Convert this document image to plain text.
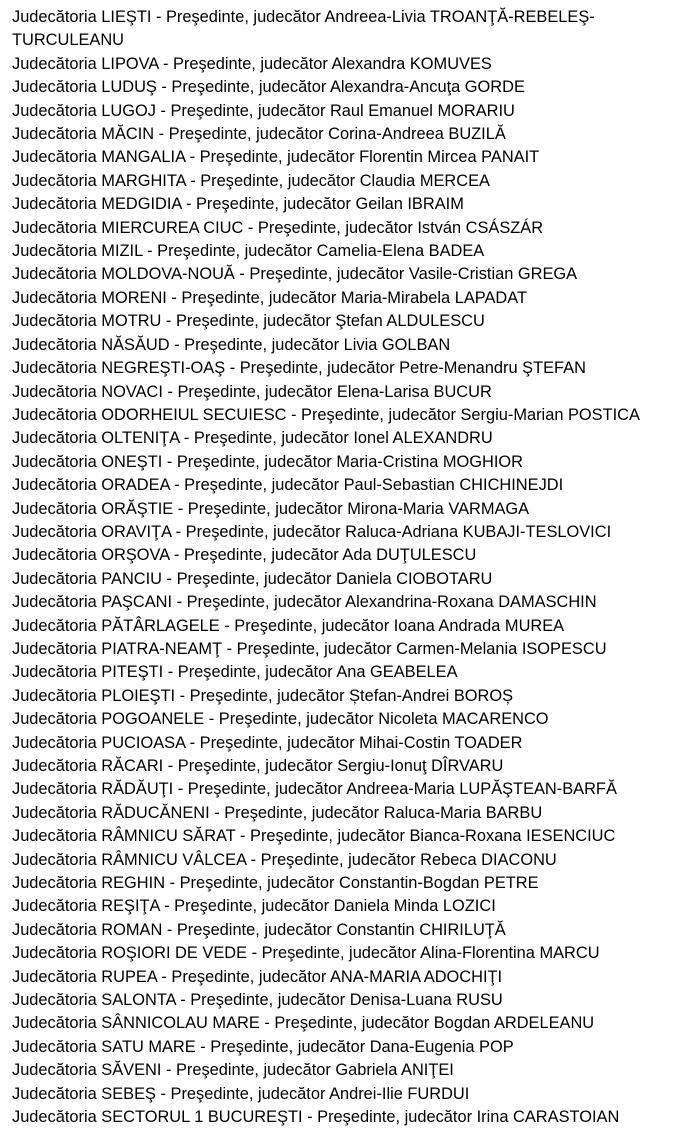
Judecătoria LIEŞTI - Preşedinte, judecător Andreea-Livia TROANŢĂ-REBELEŞ-TURCULEANU
Judecătoria LIPOVA - Preşedinte, judecător Alexandra KOMUVES
Judecătoria LUDUŞ - Preşedinte, judecător Alexandra-Ancuţa GORDE
Judecătoria LUGOJ - Preşedinte, judecător Raul Emanuel MORARIU
Judecătoria MĂCIN - Preşedinte, judecător Corina-Andreea BUZILĂ
Judecătoria MANGALIA - Preşedinte, judecător Florentin Mircea PANAIT
Judecătoria MARGHITA - Preşedinte, judecător Claudia MERCEA
Judecătoria MEDGIDIA - Preşedinte, judecător Geilan IBRAIM
Judecătoria MIERCUREA CIUC - Preşedinte, judecător István CSÁSZÁR
Judecătoria MIZIL - Preşedinte, judecător Camelia-Elena BADEA
Judecătoria MOLDOVA-NOUĂ - Preşedinte, judecător Vasile-Cristian GREGA
Judecătoria MORENI - Preşedinte, judecător Maria-Mirabela LAPADAT
Judecătoria MOTRU - Preşedinte, judecător Ştefan ALDULESCU
Judecătoria NĂSĂUD - Preşedinte, judecător Livia GOLBAN
Judecătoria NEGREŞTI-OAŞ - Preşedinte, judecător Petre-Menandru ŞTEFAN
Judecătoria NOVACI - Preşedinte, judecător Elena-Larisa BUCUR
Judecătoria ODORHEIUL SECUIESC - Preşedinte, judecător Sergiu-Marian POSTICA
Judecătoria OLTENIŢA - Preşedinte, judecător Ionel ALEXANDRU
Judecătoria ONEŞTI - Preşedinte, judecător Maria-Cristina MOGHIOR
Judecătoria ORADEA - Preşedinte, judecător Paul-Sebastian CHICHINEJDI
Judecătoria ORĂŞTIE - Preşedinte, judecător Mirona-Maria VARMAGA
Judecătoria ORAVIŢA - Preşedinte, judecător Raluca-Adriana KUBAJI-TESLOVICI
Judecătoria ORŞOVA - Preşedinte, judecător Ada DUŢULESCU
Judecătoria PANCIU - Preşedinte, judecător Daniela CIOBOTARU
Judecătoria PAŞCANI - Preşedinte, judecător Alexandrina-Roxana DAMASCHIN
Judecătoria PĂTÂRLAGELE - Preşedinte, judecător Ioana Andrada MUREA
Judecătoria PIATRA-NEAMŢ - Preşedinte, judecător Carmen-Melania ISOPESCU
Judecătoria PITEŞTI - Preşedinte, judecător Ana GEABELEA
Judecătoria PLOIEŞTI - Preşedinte, judecător Ștefan-Andrei BOROȘ
Judecătoria POGOANELE - Preşedinte, judecător Nicoleta MACARENCO
Judecătoria PUCIOASA - Preşedinte, judecător Mihai-Costin TOADER
Judecătoria RĂCARI - Preşedinte, judecător Sergiu-Ionuţ DÎRVARU
Judecătoria RĂDĂUŢI - Preşedinte, judecător Andreea-Maria LUPĂŞTEAN-BARFĂ
Judecătoria RĂDUCĂNENI - Preşedinte, judecător Raluca-Maria BARBU
Judecătoria RÂMNICU SĂRAT - Preşedinte, judecător Bianca-Roxana IESENCIUC
Judecătoria RÂMNICU VÂLCEA - Preşedinte, judecător Rebeca DIACONU
Judecătoria REGHIN - Preşedinte, judecător Constantin-Bogdan PETRE
Judecătoria REŞIŢA - Preşedinte, judecător Daniela Minda LOZICI
Judecătoria ROMAN - Preşedinte, judecător Constantin CHIRILUŢĂ
Judecătoria ROŞIORI DE VEDE - Preşedinte, judecător Alina-Florentina MARCU
Judecătoria RUPEA - Preşedinte, judecător ANA-MARIA ADOCHIŢI
Judecătoria SALONTA - Preşedinte, judecător Denisa-Luana RUSU
Judecătoria SÂNNICOLAU MARE - Preşedinte, judecător Bogdan ARDELEANU
Judecătoria SATU MARE - Preşedinte, judecător Dana-Eugenia POP
Judecătoria SĂVENI - Preşedinte, judecător Gabriela ANIŢEI
Judecătoria SEBEŞ - Preşedinte, judecător Andrei-Ilie FURDUI
Judecătoria SECTORUL 1 BUCUREŞTI - Preşedinte, judecător Irina CARASTOIAN
